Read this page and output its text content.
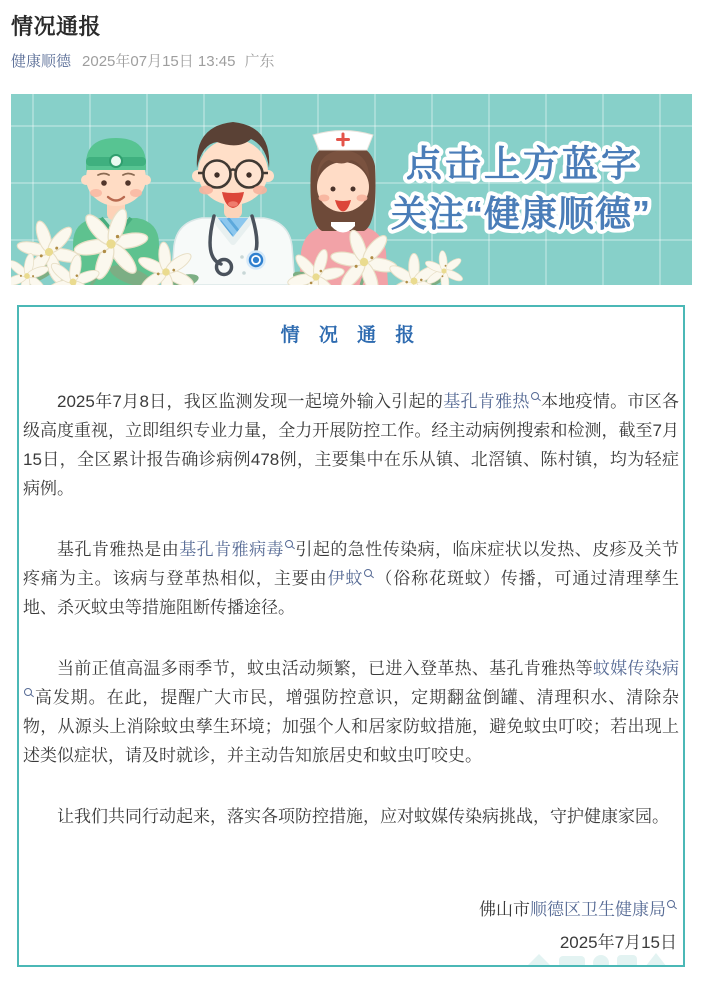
情况通报
健康顺德 2025年07月15日 13:45 广东
点击上方蓝字
关注“健康顺德”
情 况 通 报

2025年7月8日，我区监测发现一起境外输入引起的基孔肯雅热 本地疫情。市区各级高度重视，立即组织专业力量，全力开展防控工作。经主动病例搜索和检测，截至7月15日，全区累计报告确诊病例478例，主要集中在乐从镇、北滘镇、陈村镇，均为轻症病例。

基孔肯雅热是由基孔肯雅病毒 引起的急性传染病，临床症状以发热、皮疹及关节疼痛为主。该病与登革热相似，主要由伊蚊 （俗称花斑蚊）传播，可通过清理孳生地、杀灭蚊虫等措施阻断传播途径。

当前正值高温多雨季节，蚊虫活动频繁，已进入登革热、基孔肯雅热等蚊媒传染病高发期。在此，提醒广大市民，增强防控意识，定期翻盆倒罐、清理积水、清除杂物，从源头上消除蚊虫孳生环境；加强个人和居家防蚊措施，避免蚊虫叮咬；若出现上述类似症状，请及时就诊，并主动告知旅居史和蚊虫叮咬史。

让我们共同行动起来，落实各项防控措施，应对蚊媒传染病挑战，守护健康家园。

佛山市顺德区卫生健康局

2025年7月15日
